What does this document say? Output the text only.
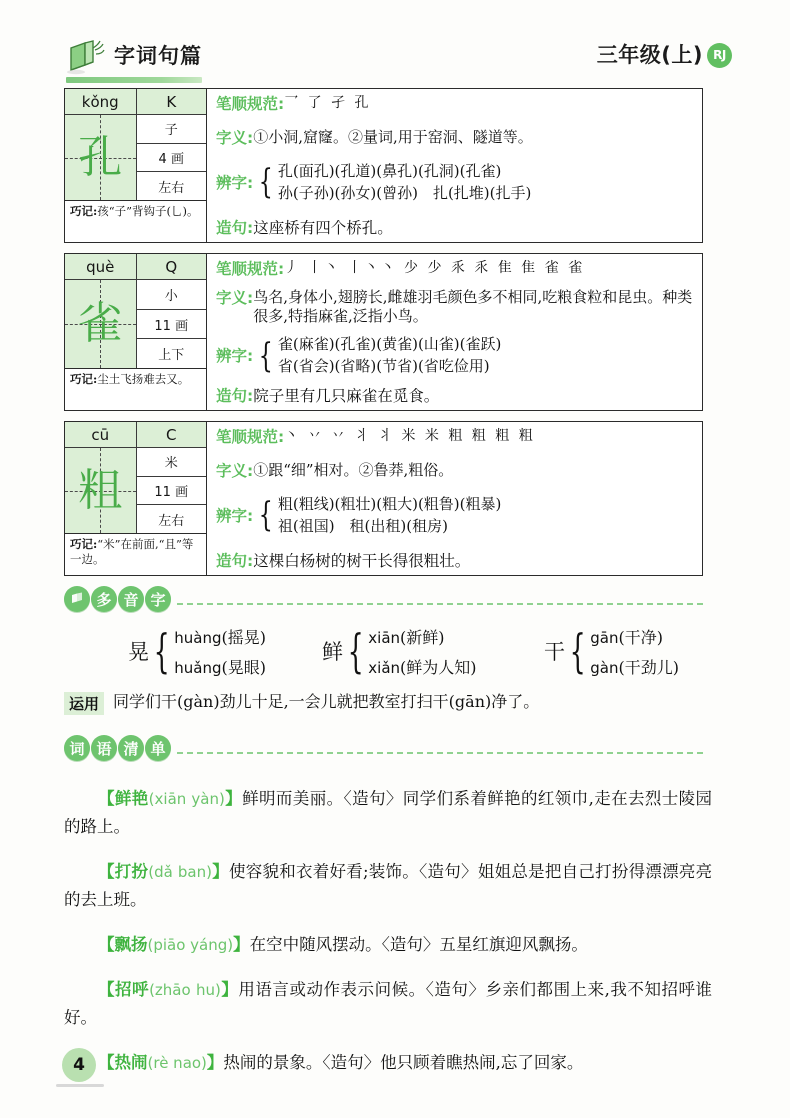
字词句篇	三年级(上) RJ
kǒng
孔
K
子
4 画
左右
巧记:孩“子”背钩子(乚)。
笔顺规范: 乛 了 孑 孔
字义: ①小洞,窟窿。②量词,用于窑洞、隧道等。
辨字: { 孔(面孔)(孔道)(鼻孔)(孔洞)(孔雀)
孙(子孙)(孙女)(曾孙)　扎(扎堆)(扎手)
造句: 这座桥有四个桥孔。
què
雀
Q
小
11 画
上下
巧记:尘土飞扬难去又。
笔顺规范: 丿 丨丶 丨丶丶 少 少 乑 乑 隹 隹 雀 雀
字义: 鸟名,身体小,翅膀长,雌雄羽毛颜色多不相同,吃粮食粒和昆虫。种类很多,特指麻雀,泛指小鸟。
辨字: { 雀(麻雀)(孔雀)(黄雀)(山雀)(雀跃)
省(省会)(省略)(节省)(省吃俭用)
造句: 院子里有几只麻雀在觅食。
cū
粗
C
米
11 画
左右
巧记:“米”在前面,“且”等一边。
笔顺规范: 丶 丷 丷 丬 丬 米 米 粗 粗 粗 粗
字义: ①跟“细”相对。②鲁莽,粗俗。
辨字: { 粗(粗线)(粗壮)(粗大)(粗鲁)(粗暴)
祖(祖国)　租(出租)(租房)
造句: 这棵白杨树的树干长得很粗壮。
多 音 字
晃 { huàng(摇晃)
huǎng(晃眼)
鲜 { xiān(新鲜)
xiǎn(鲜为人知)
干 { gān(干净)
gàn(干劲儿)
运用 同学们干(gàn)劲儿十足,一会儿就把教室打扫干(gān)净了。
词 语 清 单

【鲜艳(xiān yàn)】鲜明而美丽。〈造句〉同学们系着鲜艳的红领巾,走在去烈士陵园的路上。

【打扮(dǎ ban)】使容貌和衣着好看;装饰。〈造句〉姐姐总是把自己打扮得漂漂亮亮的去上班。

【飘扬(piāo yáng)】在空中随风摆动。〈造句〉五星红旗迎风飘扬。

【招呼(zhāo hu)】用语言或动作表示问候。〈造句〉乡亲们都围上来,我不知招呼谁好。

【热闹(rè nao)】热闹的景象。〈造句〉他只顾着瞧热闹,忘了回家。

4
